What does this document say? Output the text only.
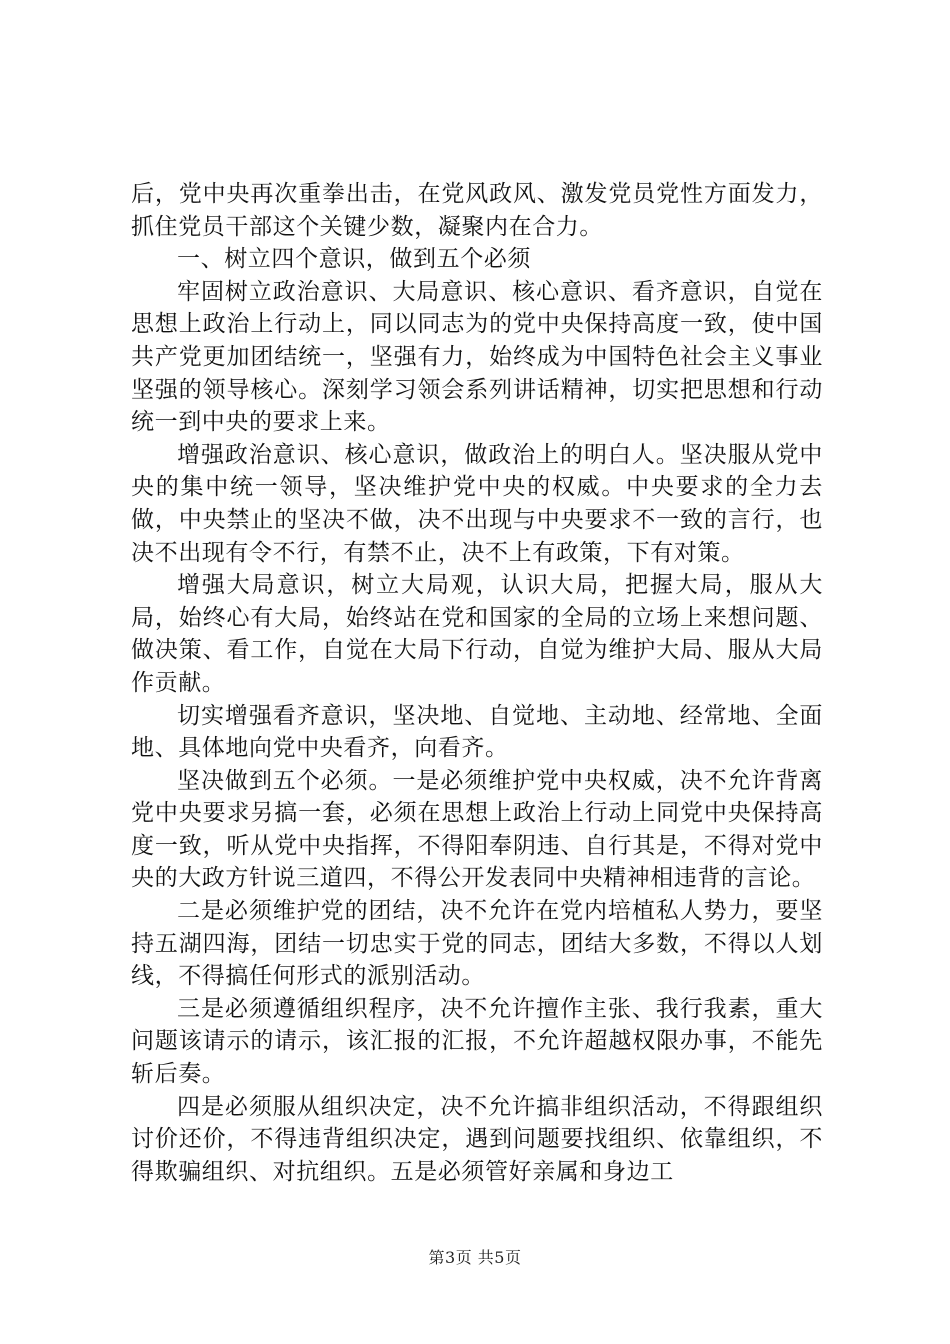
后，党中央再次重拳出击，在党风政风、激发党员党性方面发力，抓住党员干部这个关键少数，凝聚内在合力。

一、树立四个意识，做到五个必须

牢固树立政治意识、大局意识、核心意识、看齐意识，自觉在思想上政治上行动上，同以同志为的党中央保持高度一致，使中国共产党更加团结统一，坚强有力，始终成为中国特色社会主义事业坚强的领导核心。深刻学习领会系列讲话精神，切实把思想和行动统一到中央的要求上来。

增强政治意识、核心意识，做政治上的明白人。坚决服从党中央的集中统一领导，坚决维护党中央的权威。中央要求的全力去做，中央禁止的坚决不做，决不出现与中央要求不一致的言行，也决不出现有令不行，有禁不止，决不上有政策，下有对策。

增强大局意识，树立大局观，认识大局，把握大局，服从大局，始终心有大局，始终站在党和国家的全局的立场上来想问题、做决策、看工作，自觉在大局下行动，自觉为维护大局、服从大局作贡献。

切实增强看齐意识，坚决地、自觉地、主动地、经常地、全面地、具体地向党中央看齐，向看齐。

坚决做到五个必须。一是必须维护党中央权威，决不允许背离党中央要求另搞一套，必须在思想上政治上行动上同党中央保持高度一致，听从党中央指挥，不得阳奉阴违、自行其是，不得对党中央的大政方针说三道四，不得公开发表同中央精神相违背的言论。

二是必须维护党的团结，决不允许在党内培植私人势力，要坚持五湖四海，团结一切忠实于党的同志，团结大多数，不得以人划线，不得搞任何形式的派别活动。

三是必须遵循组织程序，决不允许擅作主张、我行我素，重大问题该请示的请示，该汇报的汇报，不允许超越权限办事，不能先斩后奏。

四是必须服从组织决定，决不允许搞非组织活动，不得跟组织讨价还价，不得违背组织决定，遇到问题要找组织、依靠组织，不得欺骗组织、对抗组织。五是必须管好亲属和身边工

第3页 共5页
